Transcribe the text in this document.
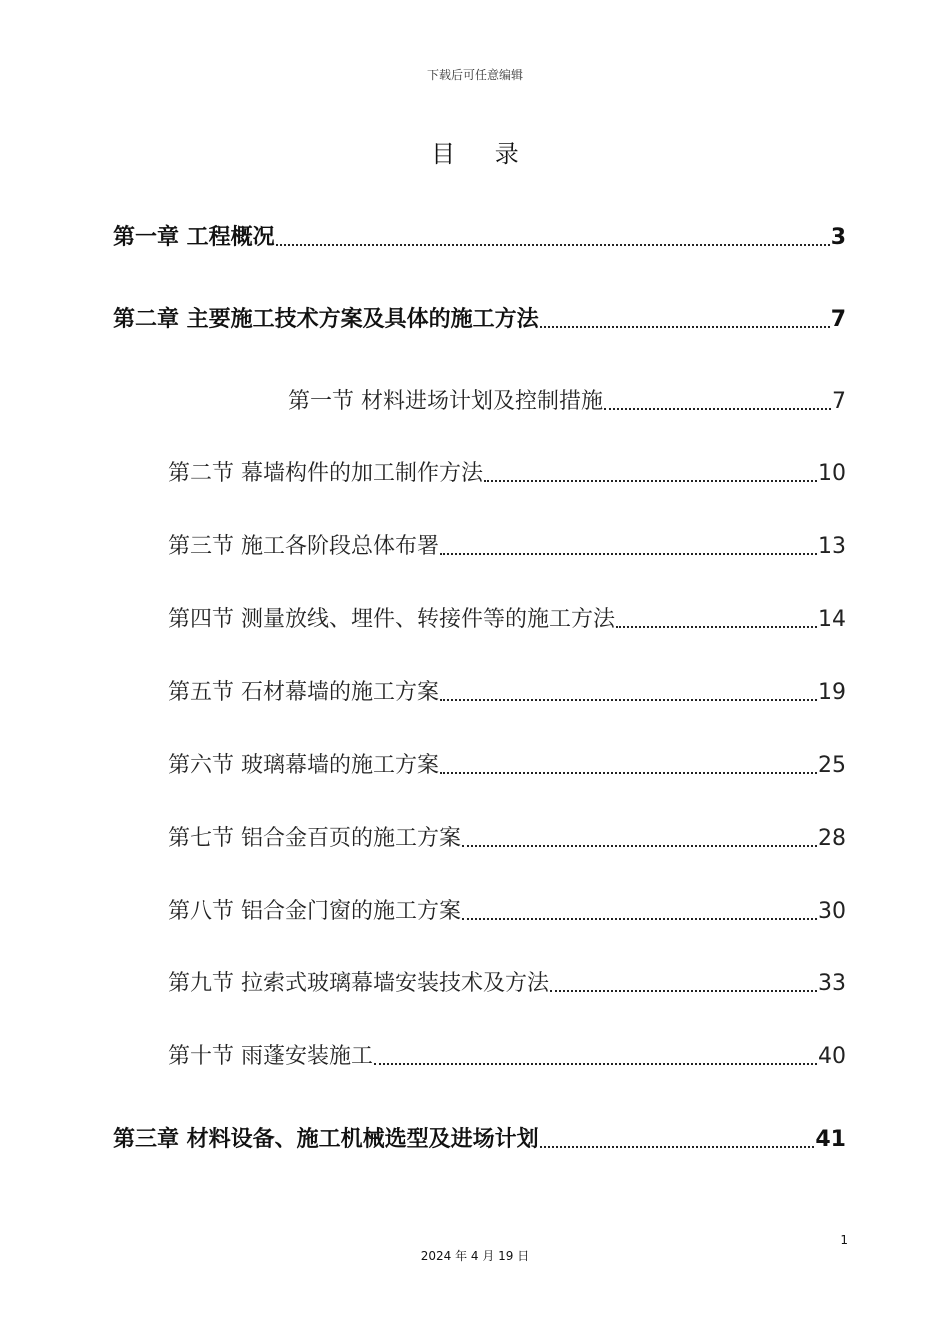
下载后可任意编辑
目 录
第一章 工程概况	3
第二章 主要施工技术方案及具体的施工方法	7
第一节 材料进场计划及控制措施	7
第二节 幕墙构件的加工制作方法	10
第三节 施工各阶段总体布署	13
第四节 测量放线、埋件、转接件等的施工方法	14
第五节 石材幕墙的施工方案	19
第六节 玻璃幕墙的施工方案	25
第七节 铝合金百页的施工方案	28
第八节 铝合金门窗的施工方案	30
第九节 拉索式玻璃幕墙安装技术及方法	33
第十节 雨蓬安装施工	40
第三章 材料设备、施工机械选型及进场计划	41
1
2024 年 4 月 19 日
